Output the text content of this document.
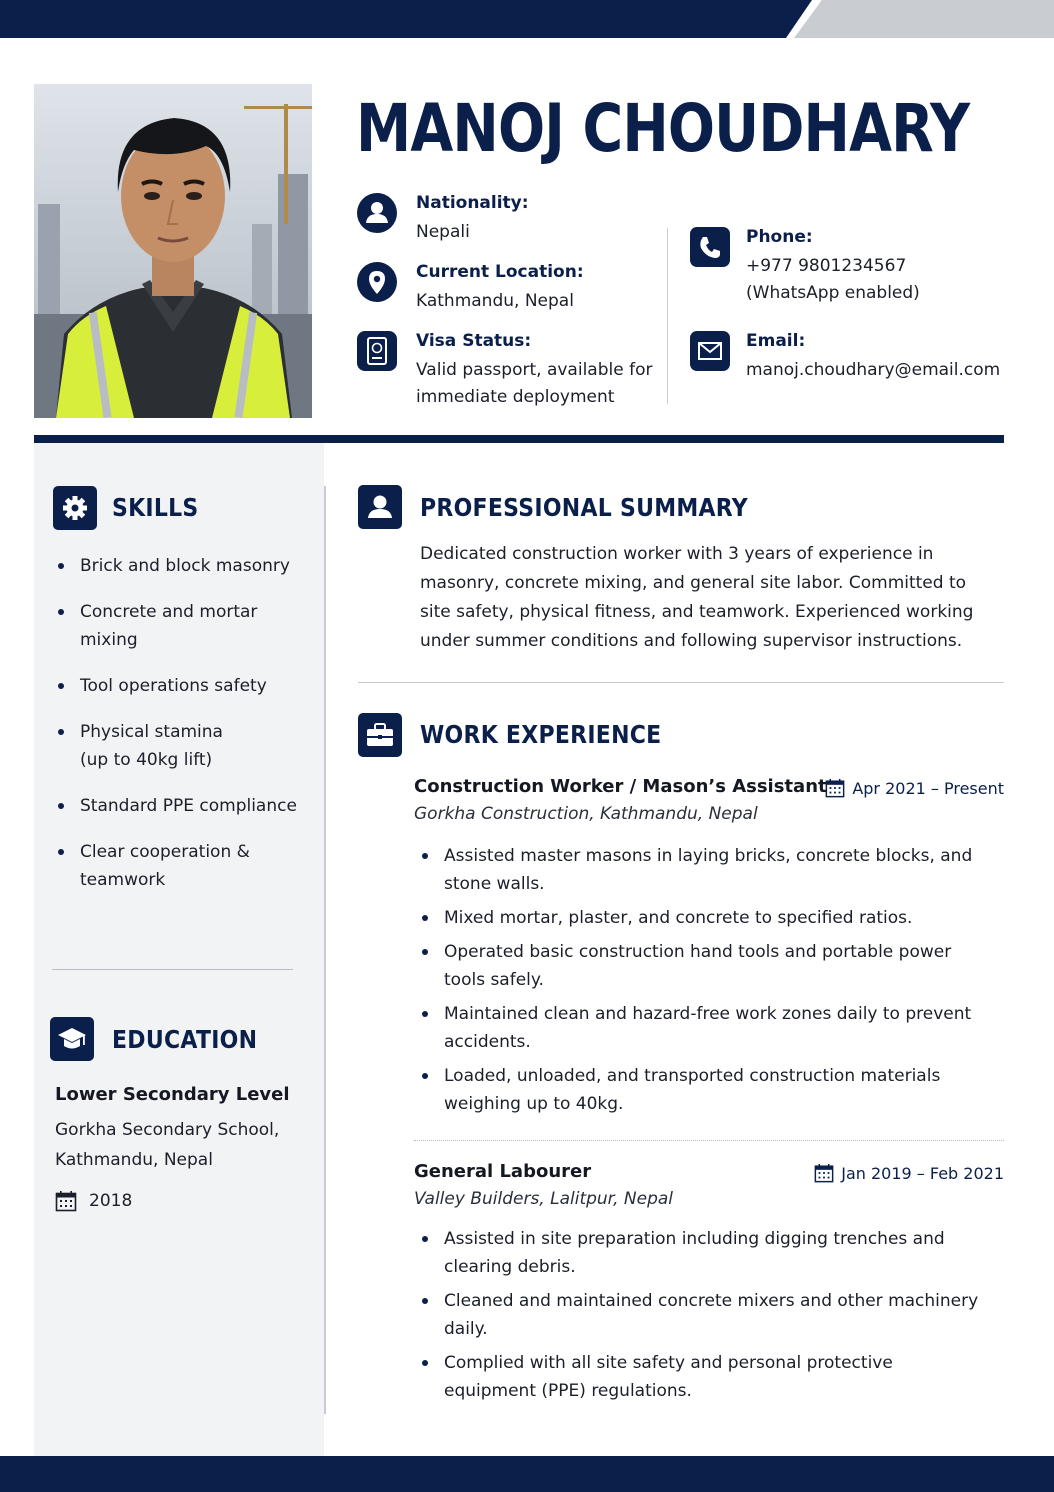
MANOJ CHOUDHARY
Nationality:
Nepali
Current Location:
Kathmandu, Nepal
Visa Status:
Valid passport, available for
immediate deployment
Phone:
+977 9801234567
(WhatsApp enabled)
Email:
manoj.choudhary@email.com
SKILLS
Brick and block masonry
Concrete and mortar mixing
Tool operations safety
Physical stamina
(up to 40kg lift)
Standard PPE compliance
Clear cooperation &
teamwork
EDUCATION
Lower Secondary Level
Gorkha Secondary School,
Kathmandu, Nepal
2018
PROFESSIONAL SUMMARY
Dedicated construction worker with 3 years of experience in masonry, concrete mixing, and general site labor. Committed to site safety, physical fitness, and teamwork. Experienced working under summer conditions and following supervisor instructions.
WORK EXPERIENCE
Construction Worker / Mason’s Assistant Apr 2021 – Present
Gorkha Construction, Kathmandu, Nepal
Assisted master masons in laying bricks, concrete blocks, and stone walls.
Mixed mortar, plaster, and concrete to specified ratios.
Operated basic construction hand tools and portable power tools safely.
Maintained clean and hazard-free work zones daily to prevent accidents.
Loaded, unloaded, and transported construction materials weighing up to 40kg.
General Labourer	Jan 2019 – Feb 2021
Valley Builders, Lalitpur, Nepal
Assisted in site preparation including digging trenches and clearing debris.
Cleaned and maintained concrete mixers and other machinery daily.
Complied with all site safety and personal protective equipment (PPE) regulations.
